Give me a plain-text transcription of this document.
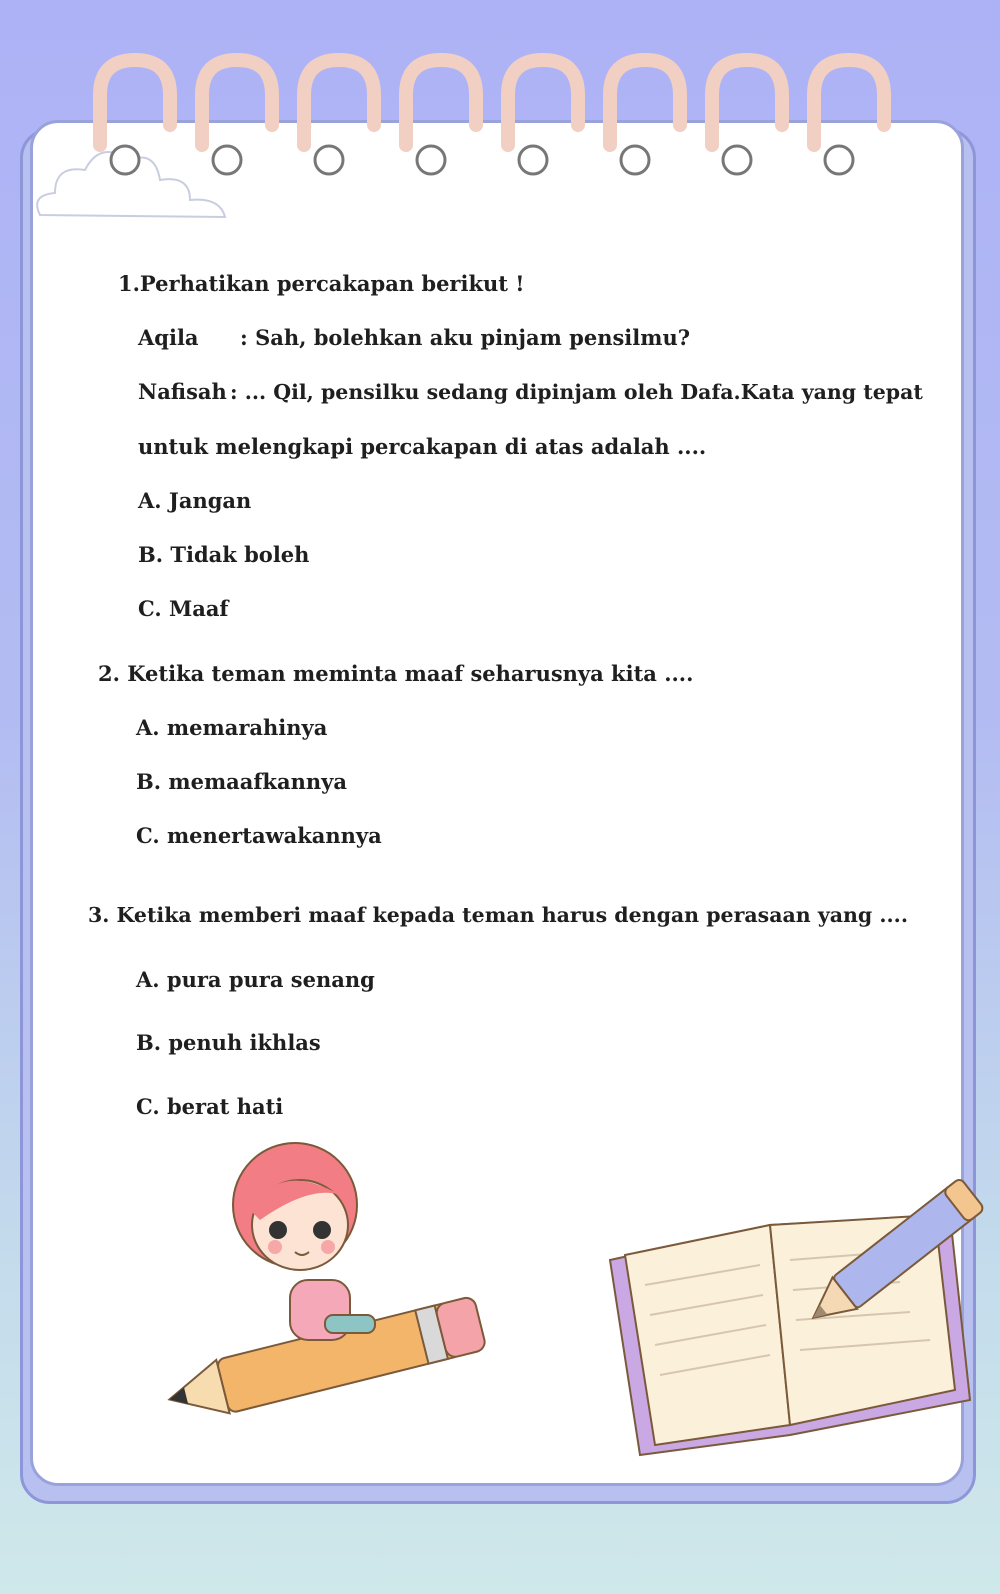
1.Perhatikan percakapan berikut !
Aqila : Sah, bolehkan aku pinjam pensilmu?
Nafisah : ... Qil, pensilku sedang dipinjam oleh Dafa.Kata yang tepat
untuk melengkapi percakapan di atas adalah ....
A. Jangan
B. Tidak boleh
C. Maaf
2. Ketika teman meminta maaf seharusnya kita ....
A. memarahinya
B. memaafkannya
C. menertawakannya
3. Ketika memberi maaf kepada teman harus dengan perasaan yang ....
A. pura pura senang
B. penuh ikhlas
C. berat hati
